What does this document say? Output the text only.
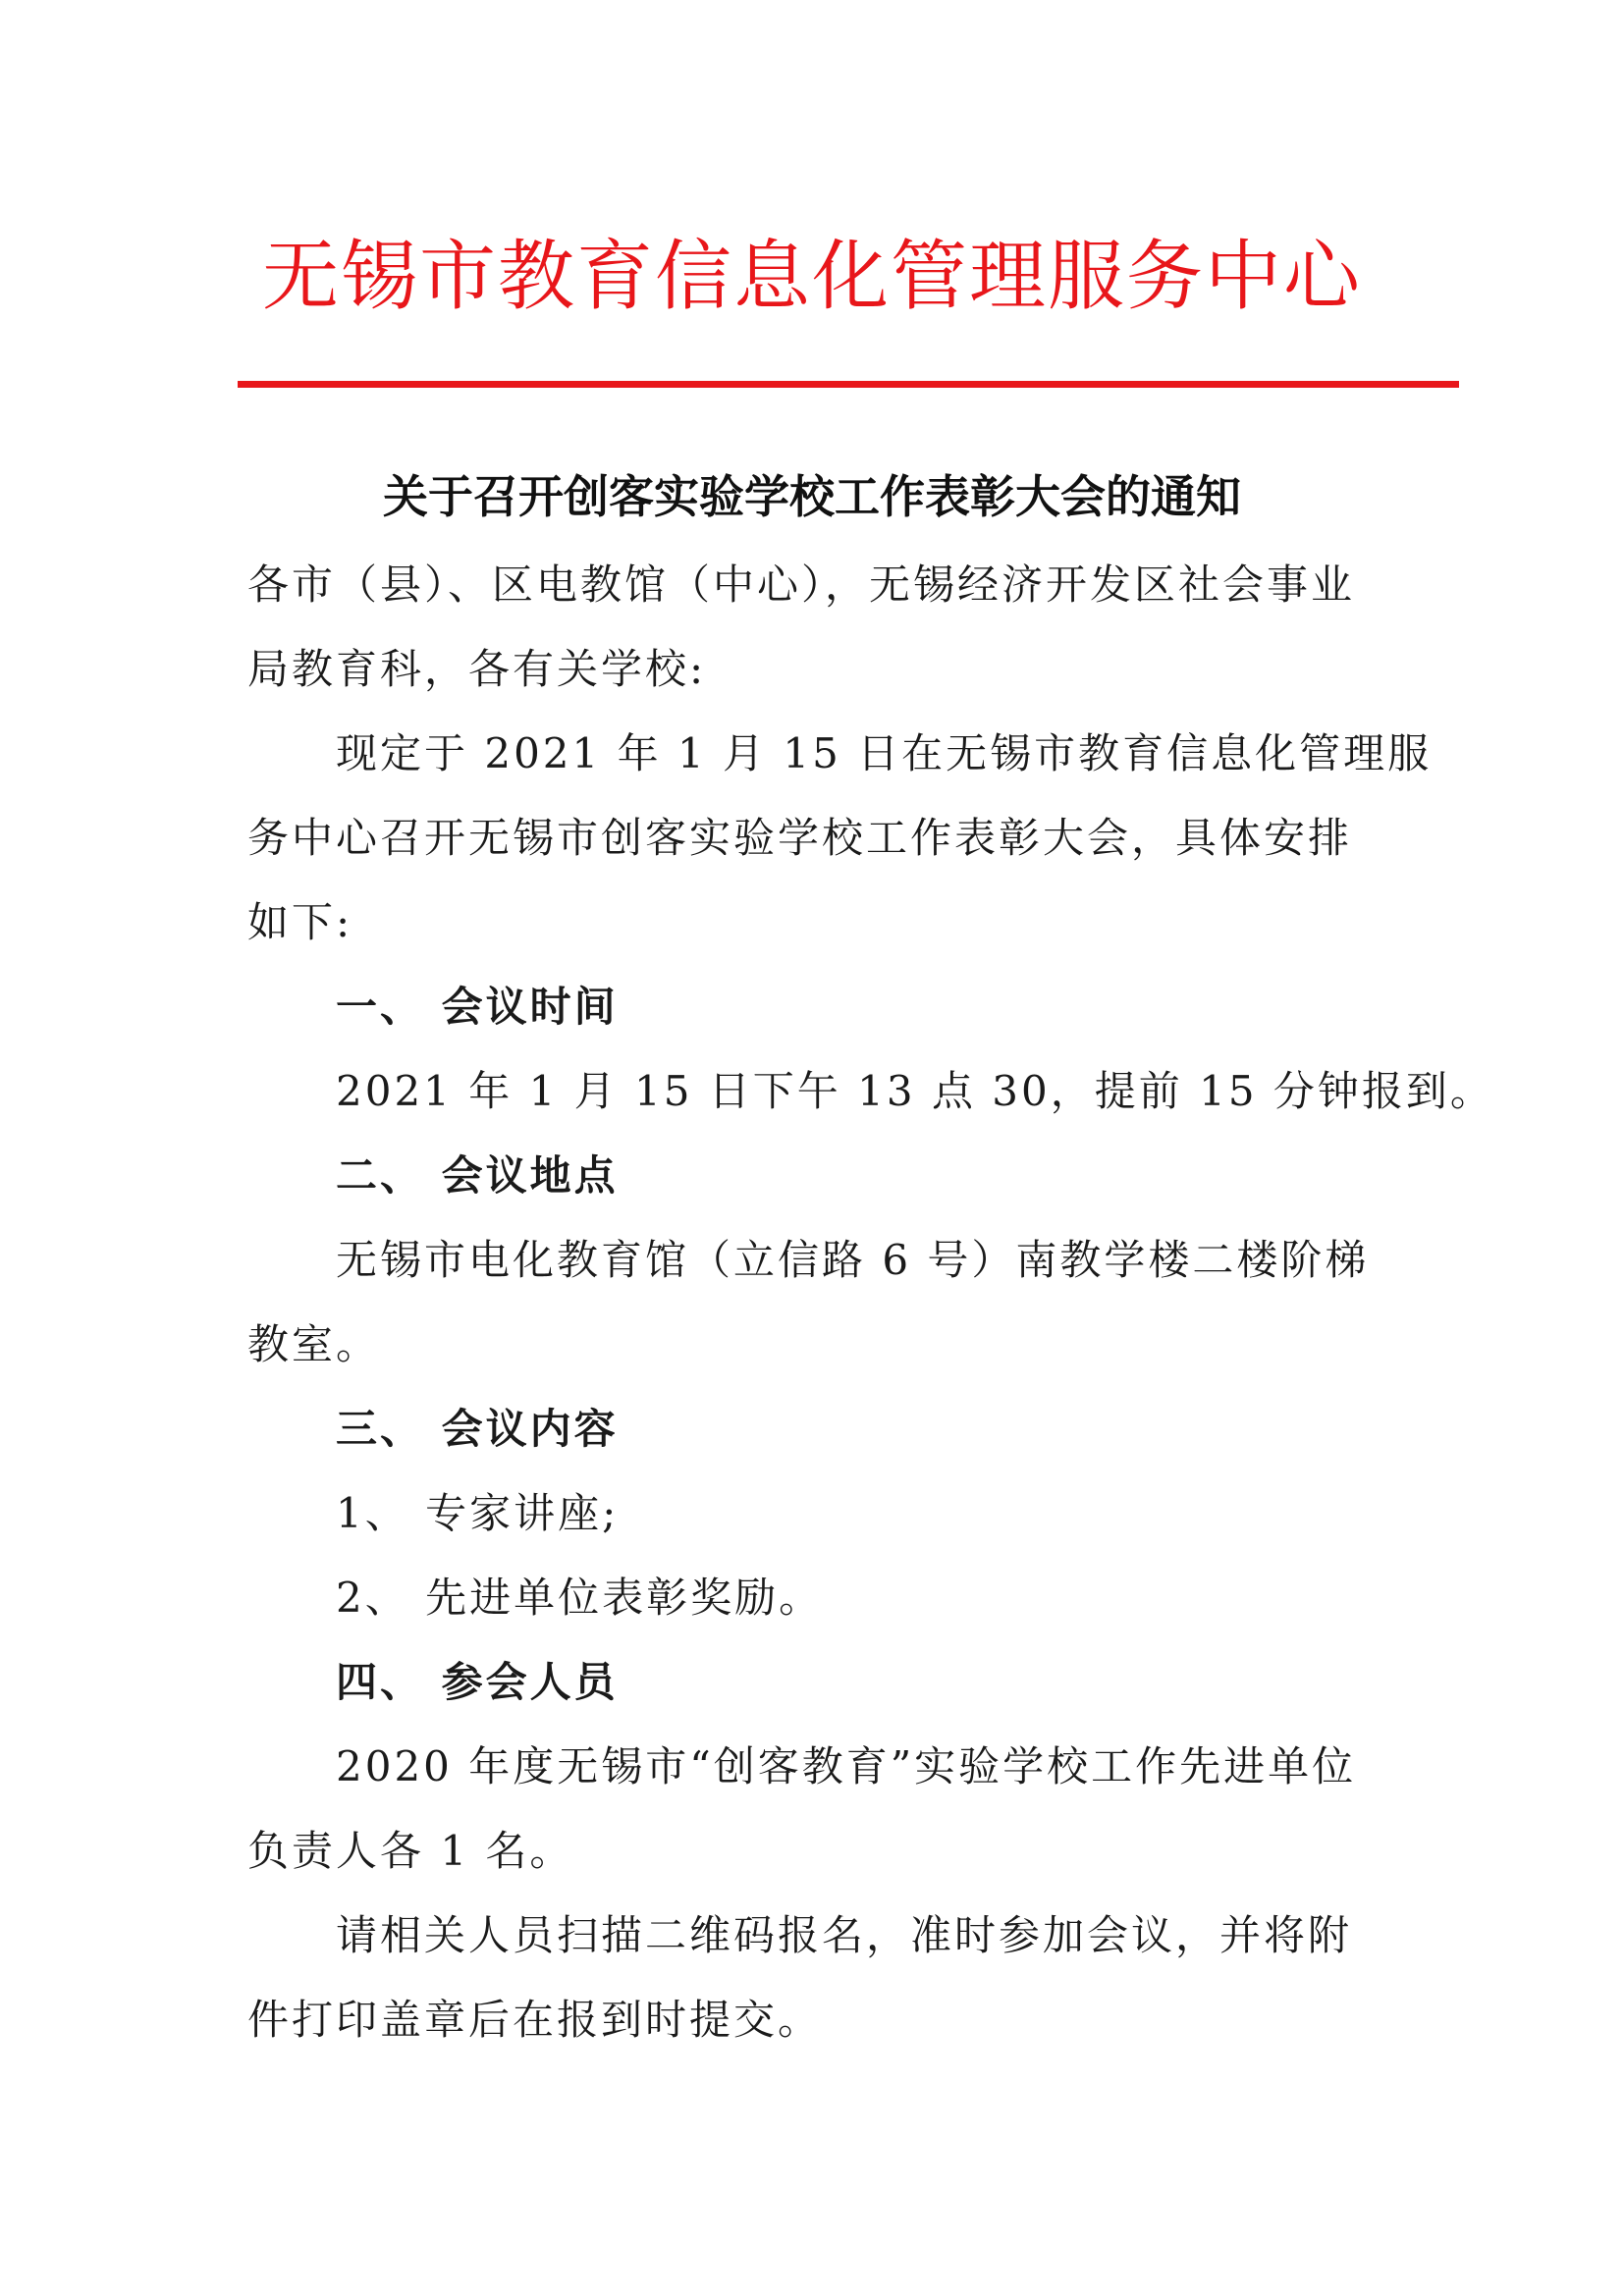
无锡市教育信息化管理服务中心
关于召开创客实验学校工作表彰大会的通知
各市（县）、区电教馆（中心），无锡经济开发区社会事业
局教育科，各有关学校:
现定于 2021 年 1 月 15 日在无锡市教育信息化管理服
务中心召开无锡市创客实验学校工作表彰大会，具体安排
如下:
一、 会议时间
2021 年 1 月 15 日下午 13 点 30，提前 15 分钟报到。
二、 会议地点
无锡市电化教育馆（立信路 6 号）南教学楼二楼阶梯
教室。
三、 会议内容
1、 专家讲座;
2、 先进单位表彰奖励。
四、 参会人员
2020 年度无锡市“创客教育”实验学校工作先进单位
负责人各 1 名。
请相关人员扫描二维码报名，准时参加会议，并将附
件打印盖章后在报到时提交。
